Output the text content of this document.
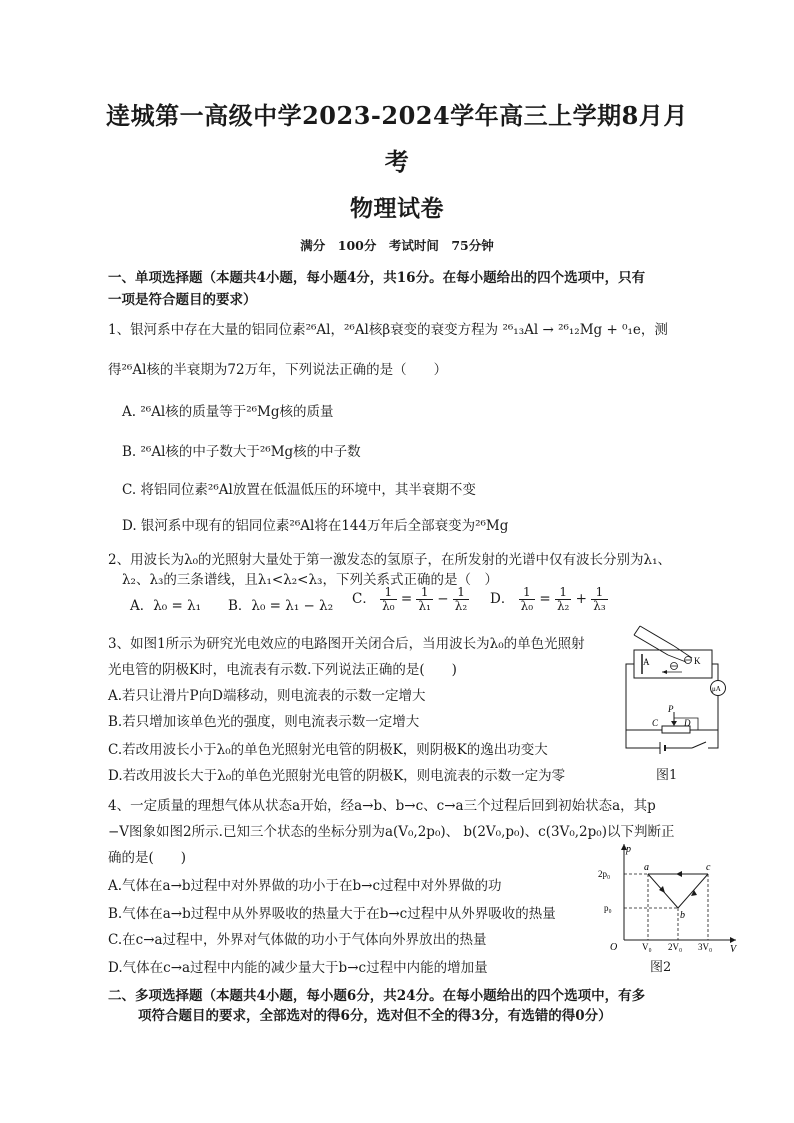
逹城第一高级中学2023-2024学年高三上学期8月月
考
物理试卷
满分　100分　考试时间　75分钟
一、单项选择题（本题共4小题，每小题4分，共16分。在每小题给出的四个选项中，只有
一项是符合题目的要求）
1、银河系中存在大量的铝同位素²⁶Al，²⁶Al核β衰变的衰变方程为 ²⁶₁₃Al → ²⁶₁₂Mg + ⁰₁e，测
得²⁶Al核的半衰期为72万年，下列说法正确的是（　　）
A. ²⁶Al核的质量等于²⁶Mg核的质量
B. ²⁶Al核的中子数大于²⁶Mg核的中子数
C. 将铝同位素²⁶Al放置在低温低压的环境中，其半衰期不变
D. 银河系中现有的铝同位素²⁶Al将在144万年后全部衰变为²⁶Mg
2、用波长为λ₀的光照射大量处于第一激发态的氢原子，在所发射的光谱中仅有波长分别为λ₁、
λ₂、λ₃的三条谱线，且λ₁<λ₂<λ₃，下列关系式正确的是（　）
A．λ₀ = λ₁ B．λ₀ = λ₁ − λ₂ C． $\frac{1}{\text{λ₀}} = \frac{1}{\text{λ₁}} - \frac{1}{\text{λ₂}}$ D． $\frac{1}{\text{λ₀}} = \frac{1}{\text{λ₂}} + \frac{1}{\text{λ₃}}$
3、如图1所示为研究光电效应的电路图开关闭合后，当用波长为λ₀的单色光照射
光电管的阴极K时，电流表有示数.下列说法正确的是(　　)
A.若只让滑片P向D端移动，则电流表的示数一定增大
B.若只增加该单色光的强度，则电流表示数一定增大
C.若改用波长小于λ₀的单色光照射光电管的阴极K，则阴极K的逸出功变大
D.若改用波长大于λ₀的单色光照射光电管的阴极K，则电流表的示数一定为零
A	K
μA
P
C	D
图1
4、一定质量的理想气体从状态a开始，经a→b、b→c、c→a三个过程后回到初始状态a，其p
−V图象如图2所示.已知三个状态的坐标分别为a(V₀,2p₀)、 b(2V₀,p₀)、c(3V₀,2p₀)以下判断正
确的是(　　)
A.气体在a→b过程中对外界做的功小于在b→c过程中对外界做的功
B.气体在a→b过程中从外界吸收的热量大于在b→c过程中从外界吸收的热量
C.在c→a过程中，外界对气体做的功小于气体向外界放出的热量
D.气体在c→a过程中内能的减少量大于b→c过程中内能的增加量
p
V
O
2p₀
p₀
V₀ 2V₀ 3V₀
a
b
c
图2
二、多项选择题（本题共4小题，每小题6分，共24分。在每小题给出的四个选项中，有多
项符合题目的要求，全部选对的得6分，选对但不全的得3分，有选错的得0分）
